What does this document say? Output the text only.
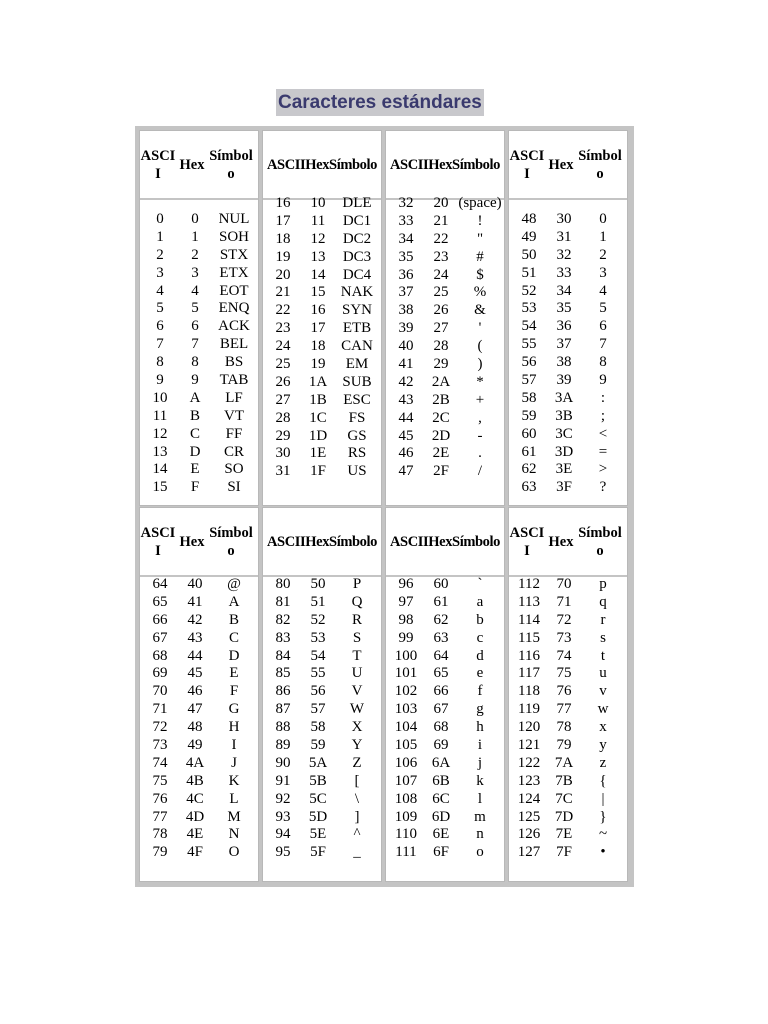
Caracteres estándares
ASCII
Hex
Símbolo
0	0	NUL
1	1	SOH
2	2	STX
3	3	ETX
4	4	EOT
5	5	ENQ
6	6	ACK
7	7	BEL
8	8	BS
9	9	TAB
10	A	LF
11	B	VT
12	C	FF
13	D	CR
14	E	SO
15	F	SI
ASCII Hex Símbolo
16	10	DLE
17	11	DC1
18	12	DC2
19	13	DC3
20	14	DC4
21	15	NAK
22	16	SYN
23	17	ETB
24	18	CAN
25	19	EM
26	1A	SUB
27	1B	ESC
28	1C	FS
29	1D	GS
30	1E	RS
31	1F	US
ASCII Hex Símbolo
32	20 (space)
33	21	!
34	22	"
35	23	#
36	24	$
37	25	%
38	26	&
39	27	'
40	28	(
41	29	)
42	2A	*
43	2B	+
44	2C	,
45	2D	-
46	2E	.
47	2F	/
ASCII
Hex
Símbolo
48	30	0
49	31	1
50	32	2
51	33	3
52	34	4
53	35	5
54	36	6
55	37	7
56	38	8
57	39	9
58	3A	:
59	3B	;
60	3C	<
61	3D	=
62	3E	>
63	3F	?
ASCII
Hex
Símbolo
64	40	@
65	41	A
66	42	B
67	43	C
68	44	D
69	45	E
70	46	F
71	47	G
72	48	H
73	49	I
74	4A	J
75	4B	K
76	4C	L
77	4D	M
78	4E	N
79	4F	O
ASCII Hex Símbolo
80	50	P
81	51	Q
82	52	R
83	53	S
84	54	T
85	55	U
86	56	V
87	57	W
88	58	X
89	59	Y
90	5A	Z
91	5B	[
92	5C	\
93	5D	]
94	5E	^
95	5F	_
ASCII Hex Símbolo
96	60	`
97	61	a
98	62	b
99	63	c
100	64	d
101	65	e
102	66	f
103	67	g
104	68	h
105	69	i
106 6A	j
107 6B	k
108 6C	l
109 6D	m
110	6E	n
111	6F	o
ASCII
Hex
Símbolo
112	70	p
113	71	q
114	72	r
115	73	s
116	74	t
117	75	u
118	76	v
119	77	w
120	78	x
121	79	y
122 7A	z
123 7B	{
124 7C	|
125 7D	}
126	7E	~
127	7F	•
